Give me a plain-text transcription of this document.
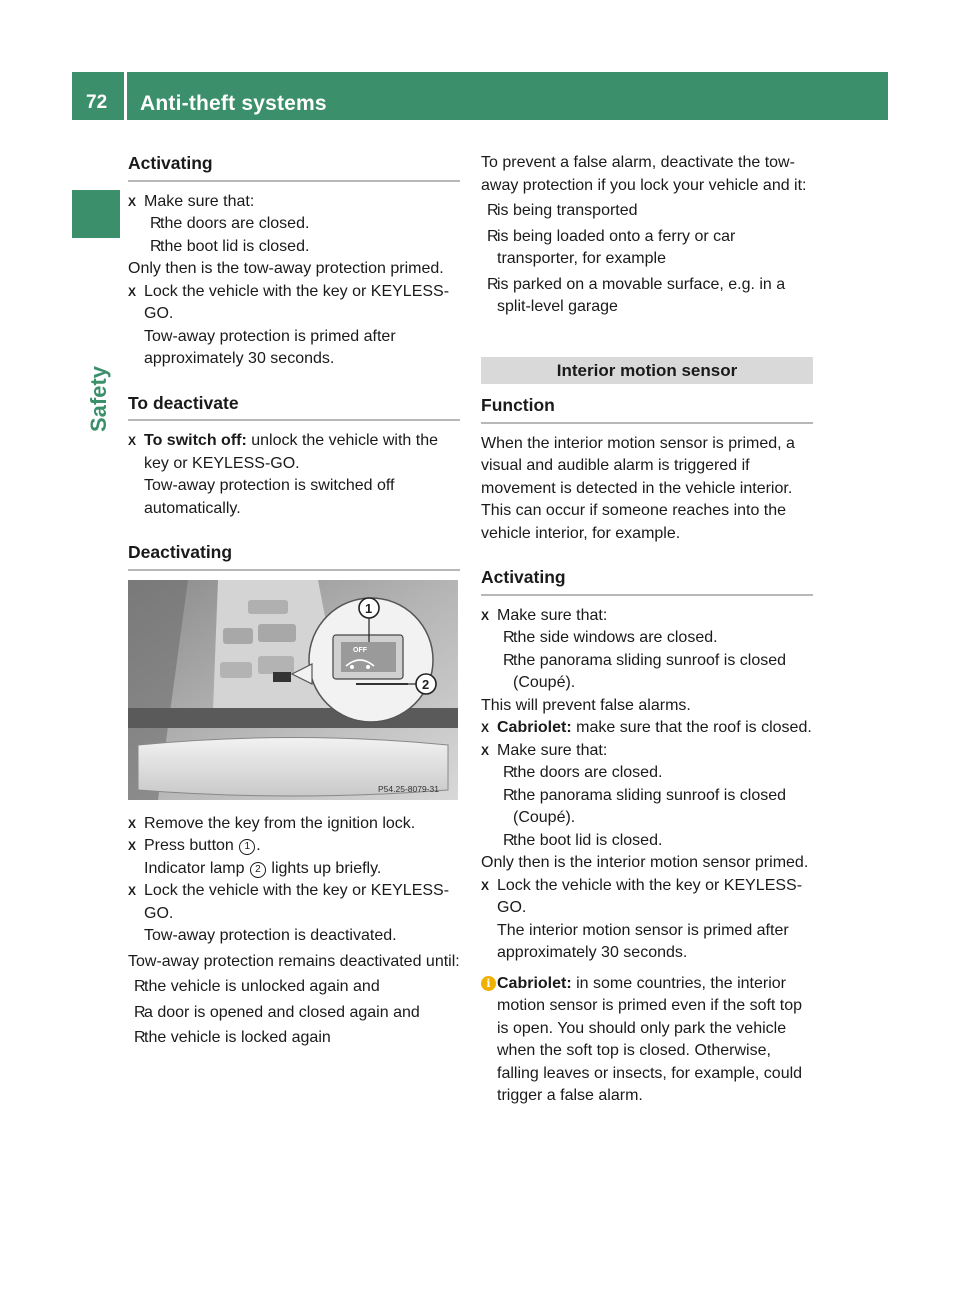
72 Anti-theft systems
Safety
Activating
X Make sure that:
R
the doors are closed.
R
the boot lid is closed.
Only then is the tow-away protection primed.
X Lock the vehicle with the key or KEYLESS-GO.
Tow-away protection is primed after approximately 30 seconds.
To deactivate
X To switch off: unlock the vehicle with the key or KEYLESS-GO.
Tow-away protection is switched off automatically.
Deactivating
OFF
1
2
P54.25-8079-31
X Remove the key from the ignition lock.
X Press button 1 .
Indicator lamp 2 lights up briefly.
X Lock the vehicle with the key or KEYLESS-GO.
Tow-away protection is deactivated.
Tow-away protection remains deactivated until:
R
the vehicle is unlocked again and
R
a door is opened and closed again and
R
the vehicle is locked again
To prevent a false alarm, deactivate the tow-away protection if you lock your vehicle and it:
R
is being transported
R
is being loaded onto a ferry or car transporter, for example
R
is parked on a movable surface, e.g. in a split-level garage
Interior motion sensor
Function
When the interior motion sensor is primed, a visual and audible alarm is triggered if movement is detected in the vehicle interior. This can occur if someone reaches into the vehicle interior, for example.
Activating
X Make sure that:
R
the side windows are closed.
R
the panorama sliding sunroof is closed (Coupé).
This will prevent false alarms.
X Cabriolet: make sure that the roof is closed.
X Make sure that:
R
the doors are closed.
R
the panorama sliding sunroof is closed (Coupé).
R
the boot lid is closed.
Only then is the interior motion sensor primed.
X Lock the vehicle with the key or KEYLESS-GO.
The interior motion sensor is primed after approximately 30 seconds.
i Cabriolet: in some countries, the interior motion sensor is primed even if the soft top is open. You should only park the vehicle when the soft top is closed. Otherwise, falling leaves or insects, for example, could trigger a false alarm.
